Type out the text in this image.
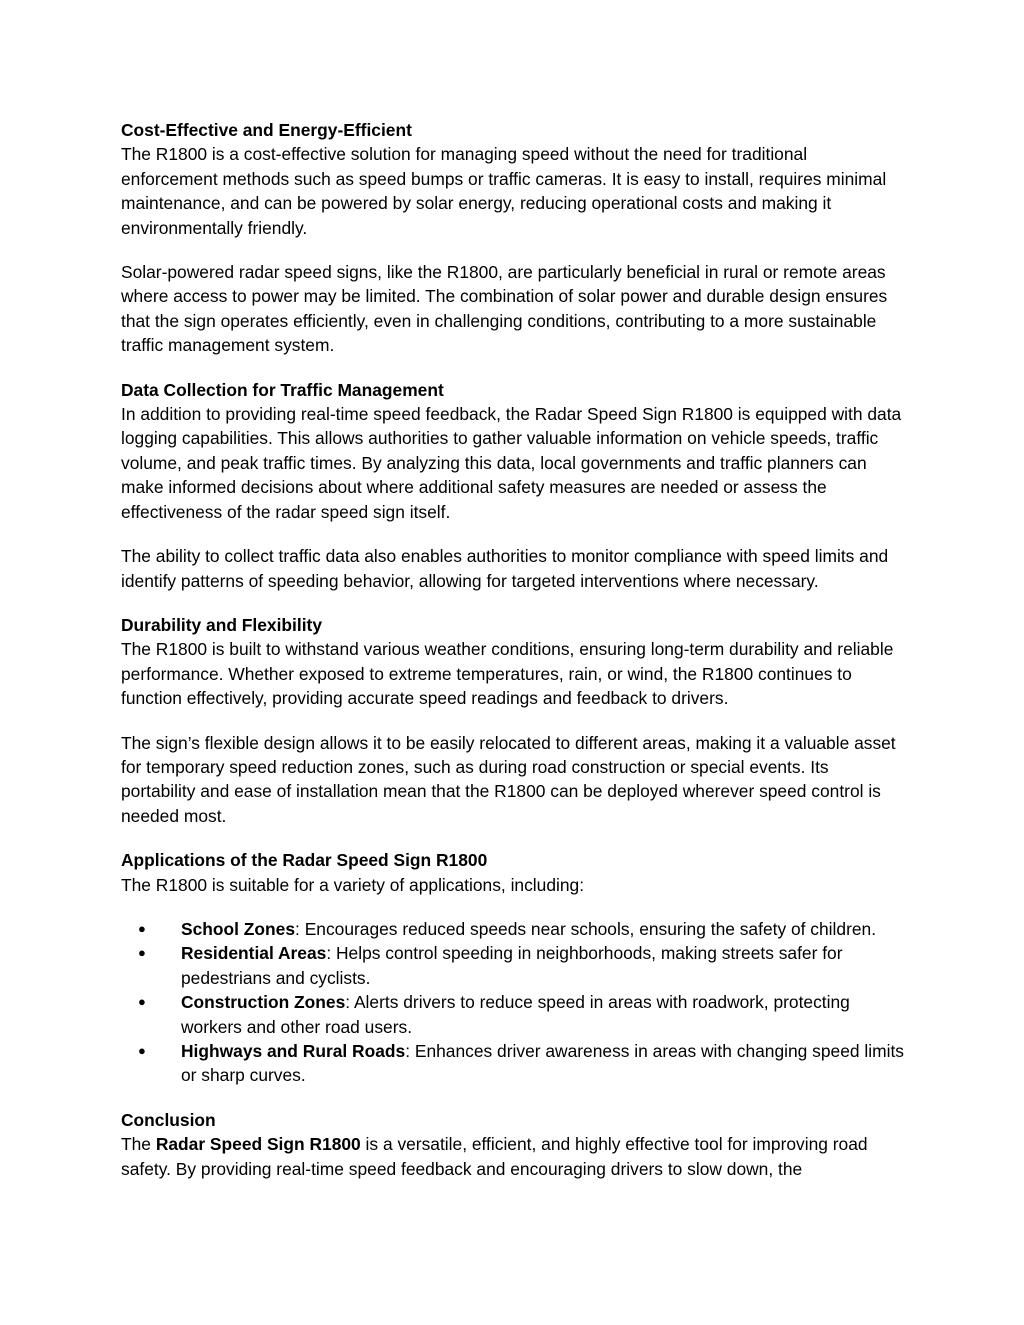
Cost-Effective and Energy-Efficient
The R1800 is a cost-effective solution for managing speed without the need for traditional enforcement methods such as speed bumps or traffic cameras. It is easy to install, requires minimal maintenance, and can be powered by solar energy, reducing operational costs and making it environmentally friendly.

Solar-powered radar speed signs, like the R1800, are particularly beneficial in rural or remote areas where access to power may be limited. The combination of solar power and durable design ensures that the sign operates efficiently, even in challenging conditions, contributing to a more sustainable traffic management system.

Data Collection for Traffic Management
In addition to providing real-time speed feedback, the Radar Speed Sign R1800 is equipped with data logging capabilities. This allows authorities to gather valuable information on vehicle speeds, traffic volume, and peak traffic times. By analyzing this data, local governments and traffic planners can make informed decisions about where additional safety measures are needed or assess the effectiveness of the radar speed sign itself.

The ability to collect traffic data also enables authorities to monitor compliance with speed limits and identify patterns of speeding behavior, allowing for targeted interventions where necessary.

Durability and Flexibility
The R1800 is built to withstand various weather conditions, ensuring long-term durability and reliable performance. Whether exposed to extreme temperatures, rain, or wind, the R1800 continues to function effectively, providing accurate speed readings and feedback to drivers.

The sign’s flexible design allows it to be easily relocated to different areas, making it a valuable asset for temporary speed reduction zones, such as during road construction or special events. Its portability and ease of installation mean that the R1800 can be deployed wherever speed control is needed most.

Applications of the Radar Speed Sign R1800
The R1800 is suitable for a variety of applications, including:

● School Zones: Encourages reduced speeds near schools, ensuring the safety of children.
● Residential Areas: Helps control speeding in neighborhoods, making streets safer for pedestrians and cyclists.
● Construction Zones: Alerts drivers to reduce speed in areas with roadwork, protecting workers and other road users.
● Highways and Rural Roads: Enhances driver awareness in areas with changing speed limits or sharp curves.

Conclusion
The Radar Speed Sign R1800 is a versatile, efficient, and highly effective tool for improving road safety. By providing real-time speed feedback and encouraging drivers to slow down, the
